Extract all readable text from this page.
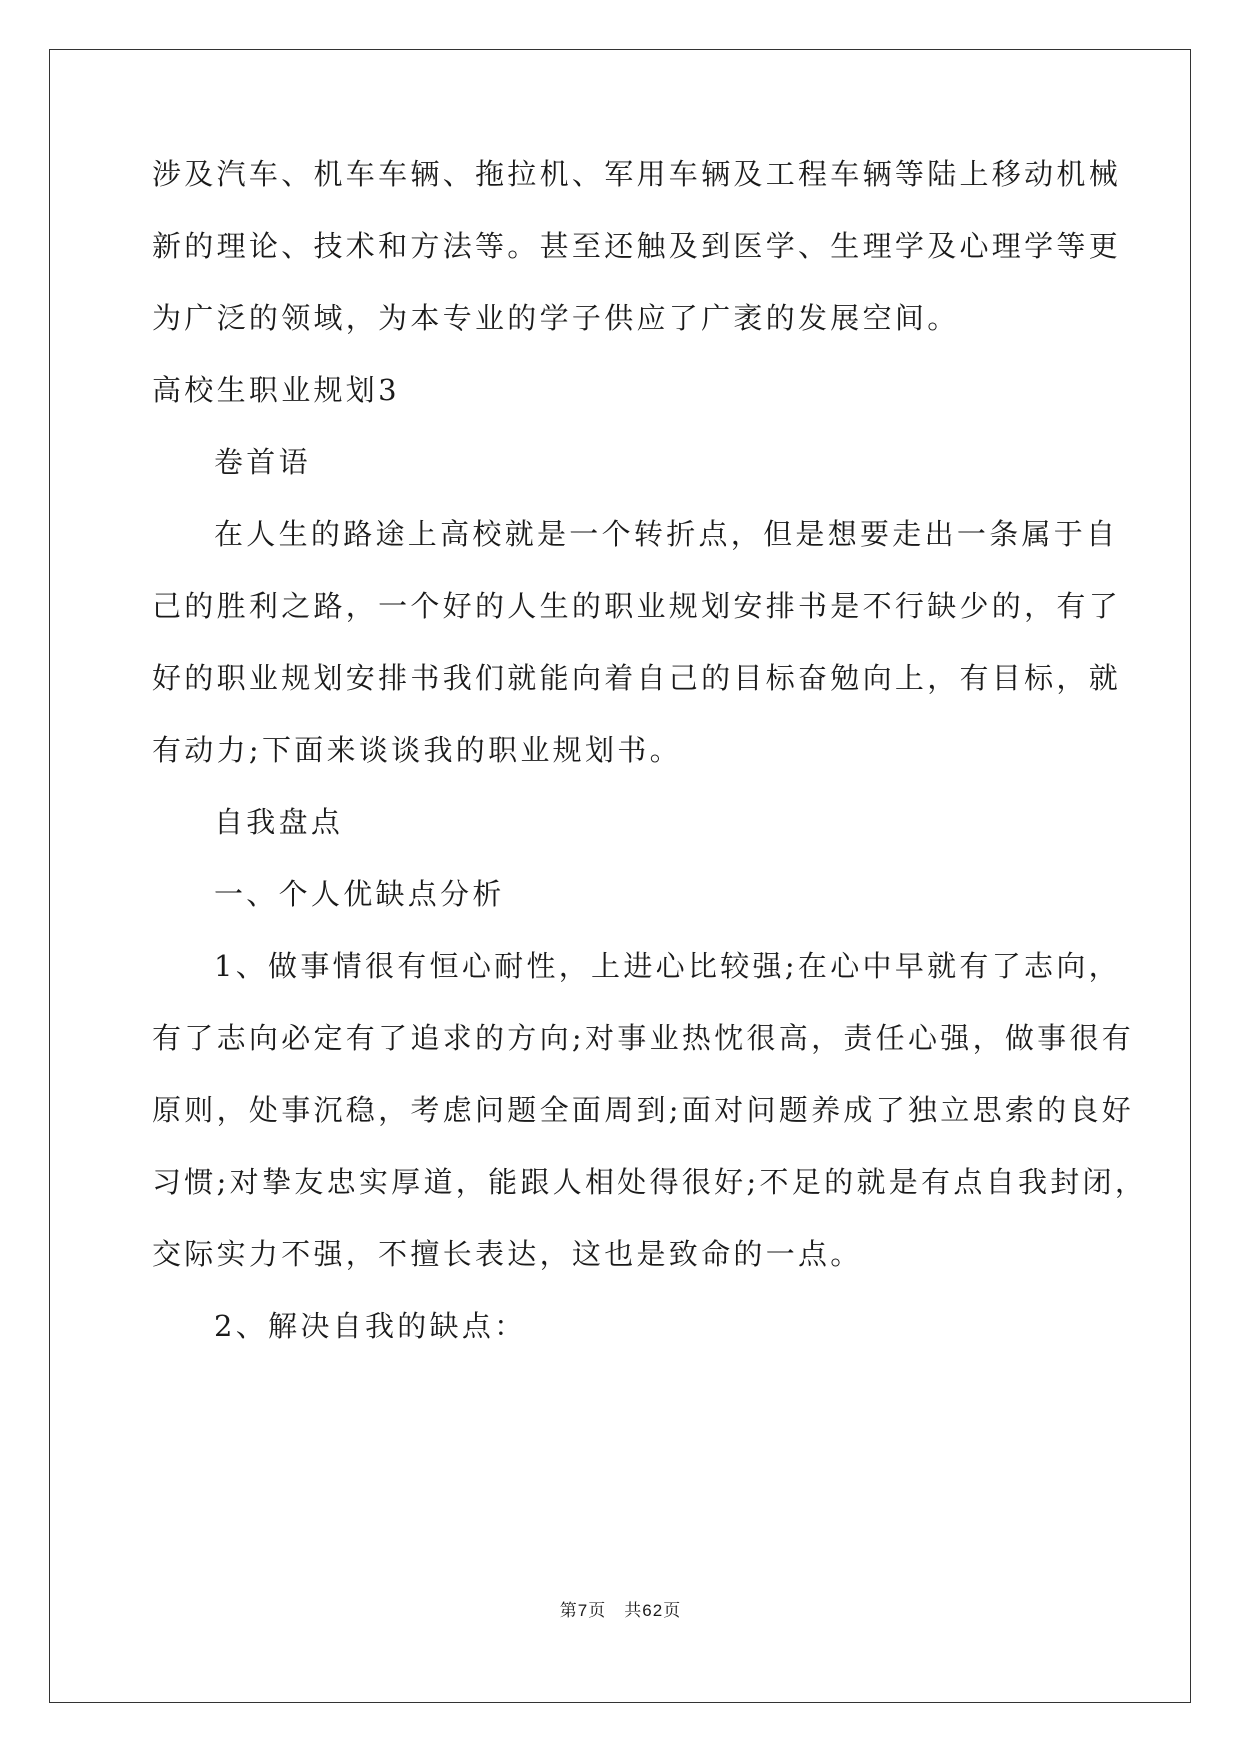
涉及汽车、机车车辆、拖拉机、军用车辆及工程车辆等陆上移动机械
新的理论、技术和方法等。甚至还触及到医学、生理学及心理学等更
为广泛的领域，为本专业的学子供应了广袤的发展空间。
高校生职业规划3
卷首语
在人生的路途上高校就是一个转折点，但是想要走出一条属于自
己的胜利之路，一个好的人生的职业规划安排书是不行缺少的，有了
好的职业规划安排书我们就能向着自己的目标奋勉向上，有目标，就
有动力;下面来谈谈我的职业规划书。
自我盘点
一、个人优缺点分析
1、做事情很有恒心耐性，上进心比较强;在心中早就有了志向，
有了志向必定有了追求的方向;对事业热忱很高，责任心强，做事很有
原则，处事沉稳，考虑问题全面周到;面对问题养成了独立思索的良好
习惯;对挚友忠实厚道，能跟人相处得很好;不足的就是有点自我封闭，
交际实力不强，不擅长表达，这也是致命的一点。
2、解决自我的缺点：
第7页 共62页
